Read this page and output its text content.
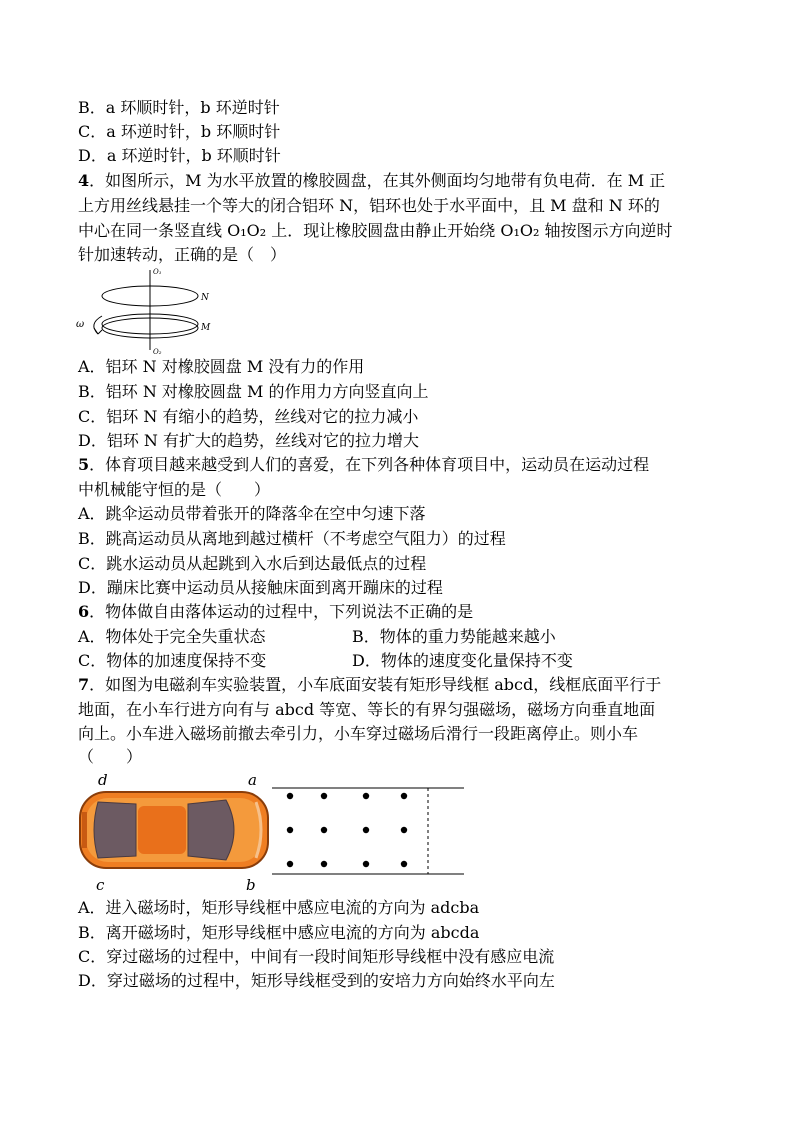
B．a 环顺时针，b 环逆时针
C．a 环逆时针，b 环顺时针
D．a 环逆时针，b 环顺时针
4．如图所示，M 为水平放置的橡胶圆盘，在其外侧面均匀地带有负电荷．在 M 正
上方用丝线悬挂一个等大的闭合铝环 N，铝环也处于水平面中，且 M 盘和 N 环的
中心在同一条竖直线 O₁O₂ 上．现让橡胶圆盘由静止开始绕 O₁O₂ 轴按图示方向逆时
针加速转动，正确的是（　）
O₁
O₂
N
M
ω
A．铝环 N 对橡胶圆盘 M 没有力的作用
B．铝环 N 对橡胶圆盘 M 的作用力方向竖直向上
C．铝环 N 有缩小的趋势，丝线对它的拉力减小
D．铝环 N 有扩大的趋势，丝线对它的拉力增大
5．体育项目越来越受到人们的喜爱，在下列各种体育项目中，运动员在运动过程
中机械能守恒的是（　　）
A．跳伞运动员带着张开的降落伞在空中匀速下落
B．跳高运动员从离地到越过横杆（不考虑空气阻力）的过程
C．跳水运动员从起跳到入水后到达最低点的过程
D．蹦床比赛中运动员从接触床面到离开蹦床的过程
6．物体做自由落体运动的过程中，下列说法不正确的是
A．物体处于完全失重状态	B．物体的重力势能越来越小
C．物体的加速度保持不变	D．物体的速度变化量保持不变
7．如图为电磁刹车实验装置，小车底面安装有矩形导线框 abcd，线框底面平行于
地面，在小车行进方向有与 abcd 等宽、等长的有界匀强磁场，磁场方向垂直地面
向上。小车进入磁场前撤去牵引力，小车穿过磁场后滑行一段距离停止。则小车
（　　）
d	a
c	b
A．进入磁场时，矩形导线框中感应电流的方向为 adcba
B．离开磁场时，矩形导线框中感应电流的方向为 abcda
C．穿过磁场的过程中，中间有一段时间矩形导线框中没有感应电流
D．穿过磁场的过程中，矩形导线框受到的安培力方向始终水平向左
